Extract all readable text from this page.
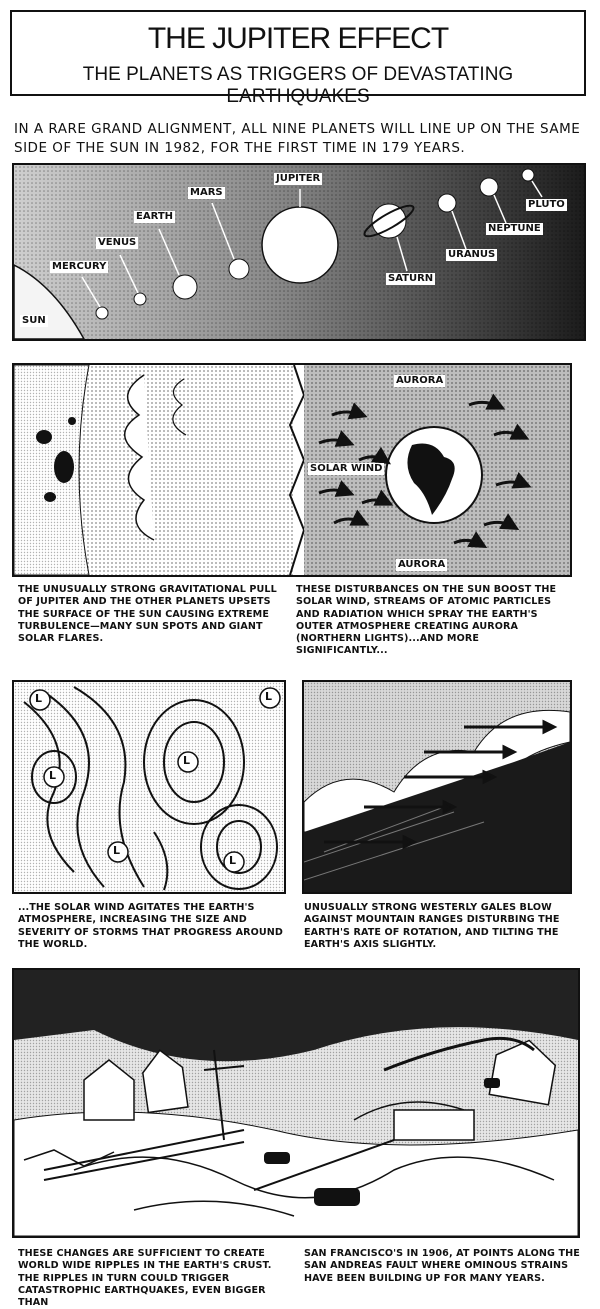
THE JUPITER EFFECT
THE PLANETS AS TRIGGERS OF DEVASTATING EARTHQUAKES
IN A RARE GRAND ALIGNMENT, ALL NINE PLANETS WILL LINE UP ON THE SAME SIDE OF THE SUN IN 1982, FOR THE FIRST TIME IN 179 YEARS.
SUN
MERCURY
VENUS
EARTH
MARS
JUPITER
SATURN
URANUS
NEPTUNE
PLUTO
AURORA
SOLAR WIND
AURORA
THE UNUSUALLY STRONG GRAVITATIONAL PULL OF JUPITER AND THE OTHER PLANETS UPSETS THE SURFACE OF THE SUN CAUSING EXTREME TURBULENCE—MANY SUN SPOTS AND GIANT SOLAR FLARES.
THESE DISTURBANCES ON THE SUN BOOST THE SOLAR WIND, STREAMS OF ATOMIC PARTICLES AND RADIATION WHICH SPRAY THE EARTH'S OUTER ATMOSPHERE CREATING AURORA (NORTHERN LIGHTS)...AND MORE SIGNIFICANTLY...
L
L
L
L
L
L
...THE SOLAR WIND AGITATES THE EARTH'S ATMOSPHERE, INCREASING THE SIZE AND SEVERITY OF STORMS THAT PROGRESS AROUND THE WORLD.
UNUSUALLY STRONG WESTERLY GALES BLOW AGAINST MOUNTAIN RANGES DISTURBING THE EARTH'S RATE OF ROTATION, AND TILTING THE EARTH'S AXIS SLIGHTLY.
THESE CHANGES ARE SUFFICIENT TO CREATE WORLD WIDE RIPPLES IN THE EARTH'S CRUST. THE RIPPLES IN TURN COULD TRIGGER CATASTROPHIC EARTHQUAKES, EVEN BIGGER THAN
SAN FRANCISCO'S IN 1906, AT POINTS ALONG THE SAN ANDREAS FAULT WHERE OMINOUS STRAINS HAVE BEEN BUILDING UP FOR MANY YEARS.
